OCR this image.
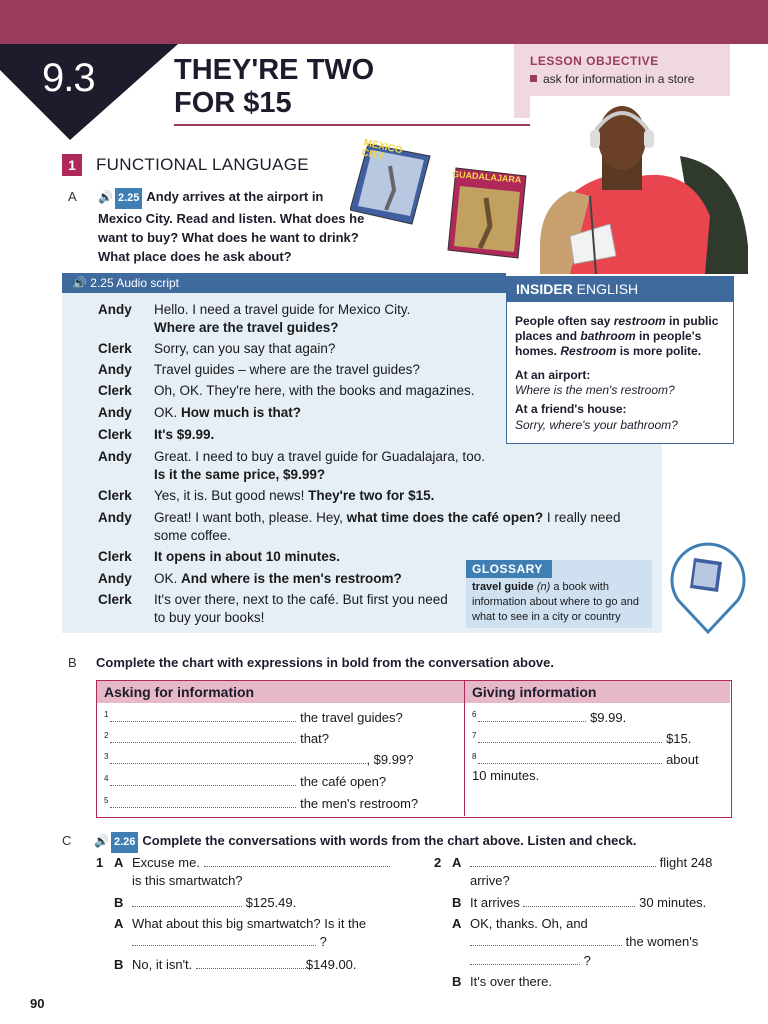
9.3	THEY'RE TWO
FOR $15
LESSON OBJECTIVE
ask for information in a store
1	FUNCTIONAL LANGUAGE
MEXICO CITY
GUADALAJARA
A 🔊 2.25 Andy arrives at the airport in
Mexico City. Read and listen. What does he
want to buy? What does he want to drink?
What place does he ask about?
🔊 2.25 Audio script
Andy Hello. I need a travel guide for Mexico City.
Where are the travel guides?
Clerk Sorry, can you say that again?
Andy Travel guides – where are the travel guides?
Clerk Oh, OK. They're here, with the books and magazines.
Andy OK. How much is that?
Clerk It's $9.99.
Andy Great. I need to buy a travel guide for Guadalajara, too.
Is it the same price, $9.99?
Clerk Yes, it is. But good news! They're two for $15.
Andy Great! I want both, please. Hey, what time does the café open? I really need
some coffee.
Clerk It opens in about 10 minutes.
Andy OK. And where is the men's restroom?
Clerk It's over there, next to the café. But first you need
to buy your books!
INSIDER ENGLISH
People often say restroom in public places and bathroom in people's homes. Restroom is more polite.
At an airport:
Where is the men's restroom?
At a friend's house:
Sorry, where's your bathroom?
GLOSSARY
travel guide (n) a book with information about where to go and what to see in a city or country
B Complete the chart with expressions in bold from the conversation above.
Asking for information	Giving information
$^1$	the travel guides?
$^2$	that?
$^3$	, $9.99?
$^4$	the café open?
$^5$	the men's restroom?
$^6$	$9.99.
$^7$	$15.
$^8$	about
10 minutes.
C 🔊 2.26 Complete the conversations with words from the chart above. Listen and check.
1 A Excuse me.
is this smartwatch?
B	$125.49.
A What about this big smartwatch? Is it the
?
B No, it isn't.	$149.00.
2 A	flight 248
arrive?
B It arrives	30 minutes.
A OK, thanks. Oh, and
the women's
?
B It's over there.
90
